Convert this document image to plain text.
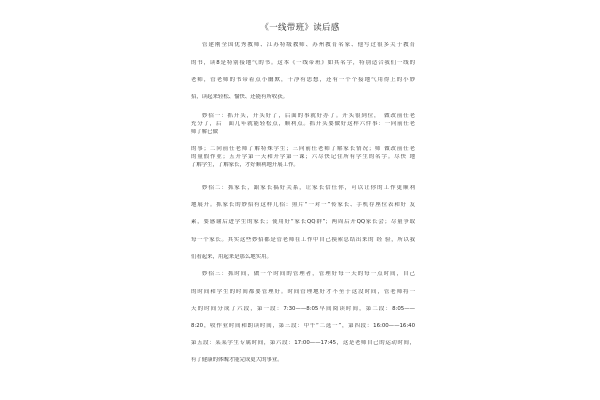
《一线带班》读后感
管建刚全国优秀教师、江苏特级教师、苏州教育名家、他写过很多关于教育
的书，读8是特别接地气的书。这本《一线带班》如其名字，特别适合我们一线的
老师，管老师的书带着点小幽默，干净有思想，还有一个个接地气用得上的小妙
招，读起来轻松、愉快、还能有所收获。
妙招一：抓开头，开头好了，后面的事就好办了。开头很到位，　做改前任老
充分了，后　面几年就能轻松点，顺利点。抓开头要做好这样六件事：一向前任老
师了解已做
的事；二向前任老师了解特殊学生；三向前任老师了解家长情况；师 做改前任老
的量假作业；五开学第一天和开学第一课；六尽快记住所有学生的名字。尽快 地
了解学生，了解家长，才好顺利地开展工作。
妙招二：抓家长，跟家长搞好关系，让家长信任你，可以让你的工作更顺利
地展开。抓家长的妙招有这样几招：照片“一对一”传家长、手机存座位表和好 友
素，要感谢后进学生的家长；使用好“家长QQ群”；两周后开QQ家长会；尽量争取
每一个家长。其实这些妙招都是管老师在工作中自己摸索总结出来的 经 验，所以我
们看起来，用起来是那么地实用。
妙招三：抓时间，做一个时间的管理者，管理好每一天的每一点时间，自己
的时间和学生的时间都要管理好。时间管理地好才不至于这没时间，管老师将一
天的时间分成了六段，第一段：7:30——8:05早间阅读时间，第二段：8:05——
8:20，收作业时间和朗读时间，第三段：中午“二选一”，第四段：16:00——16:40
第五段：某某学生专属时间，第六段：17:00——17:45，这是老师自己的运动时间，
有了健康的体魄才能完成更大的事业。
